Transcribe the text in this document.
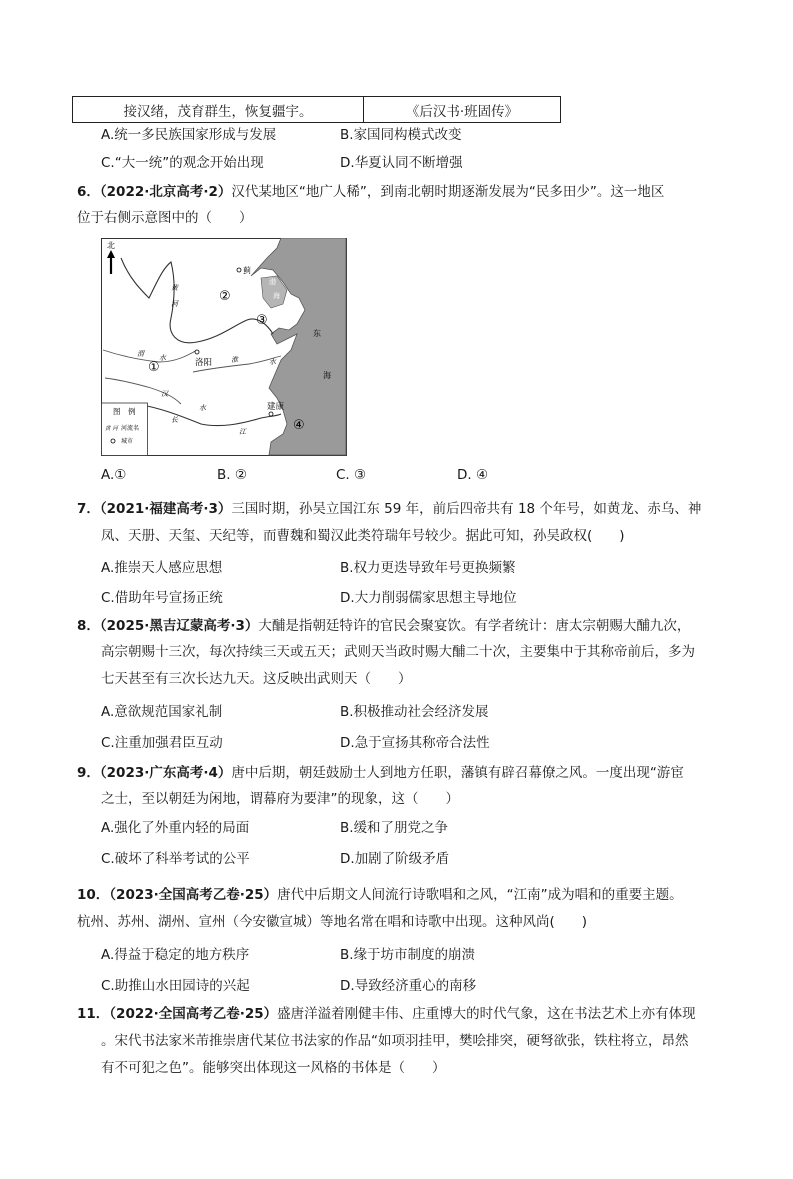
接汉绪，茂育群生，恢复疆宇。	《后汉书·班固传》
A.统一多民族国家形成与发展	B.家国同构模式改变
C.“大一统”的观念开始出现	D.华夏认同不断增强
6．（2022·北京高考·2）汉代某地区“地广人稀”，到南北朝时期逐渐发展为“民多田少”。这一地区
位于右侧示意图中的（　　）
北
蓟
洛阳
建康
①
②
③
④
渤
海
东
海
渭 水
黄
河
汉
水
淮	水
长
江
图　例
黄 河 河流名
城市
A.①	B. ②	C. ③	D. ④
7．（2021·福建高考·3）三国时期，孙吴立国江东 59 年，前后四帝共有 18 个年号，如黄龙、赤乌、神
凤、天册、天玺、天纪等，而曹魏和蜀汉此类符瑞年号较少。据此可知，孙吴政权(　　)
A.推崇天人感应思想	B.权力更迭导致年号更换频繁
C.借助年号宣扬正统	D.大力削弱儒家思想主导地位
8．（2025·黑吉辽蒙高考·3）大酺是指朝廷特许的官民会聚宴饮。有学者统计：唐太宗朝赐大酺九次，
高宗朝赐十三次，每次持续三天或五天；武则天当政时赐大酺二十次，主要集中于其称帝前后，多为
七天甚至有三次长达九天。这反映出武则天（　　）
A.意欲规范国家礼制	B.积极推动社会经济发展
C.注重加强君臣互动	D.急于宣扬其称帝合法性
9．（2023·广东高考·4）唐中后期，朝廷鼓励士人到地方任职，藩镇有辟召幕僚之风。一度出现“游宦
之士，至以朝廷为闲地，谓幕府为要津”的现象，这（　　）
A.强化了外重内轻的局面	B.缓和了朋党之争
C.破坏了科举考试的公平	D.加剧了阶级矛盾
10．（2023·全国高考乙卷·25）唐代中后期文人间流行诗歌唱和之风，“江南”成为唱和的重要主题。
杭州、苏州、湖州、宣州（今安徽宣城）等地名常在唱和诗歌中出现。这种风尚(　　)
A.得益于稳定的地方秩序	B.缘于坊市制度的崩溃
C.助推山水田园诗的兴起	D.导致经济重心的南移
11．（2022·全国高考乙卷·25）盛唐洋溢着刚健丰伟、庄重博大的时代气象，这在书法艺术上亦有体现
。宋代书法家米芾推崇唐代某位书法家的作品“如项羽挂甲，樊哙排突，硬弩欲张，铁柱将立，昂然
有不可犯之色”。能够突出体现这一风格的书体是（　　）
